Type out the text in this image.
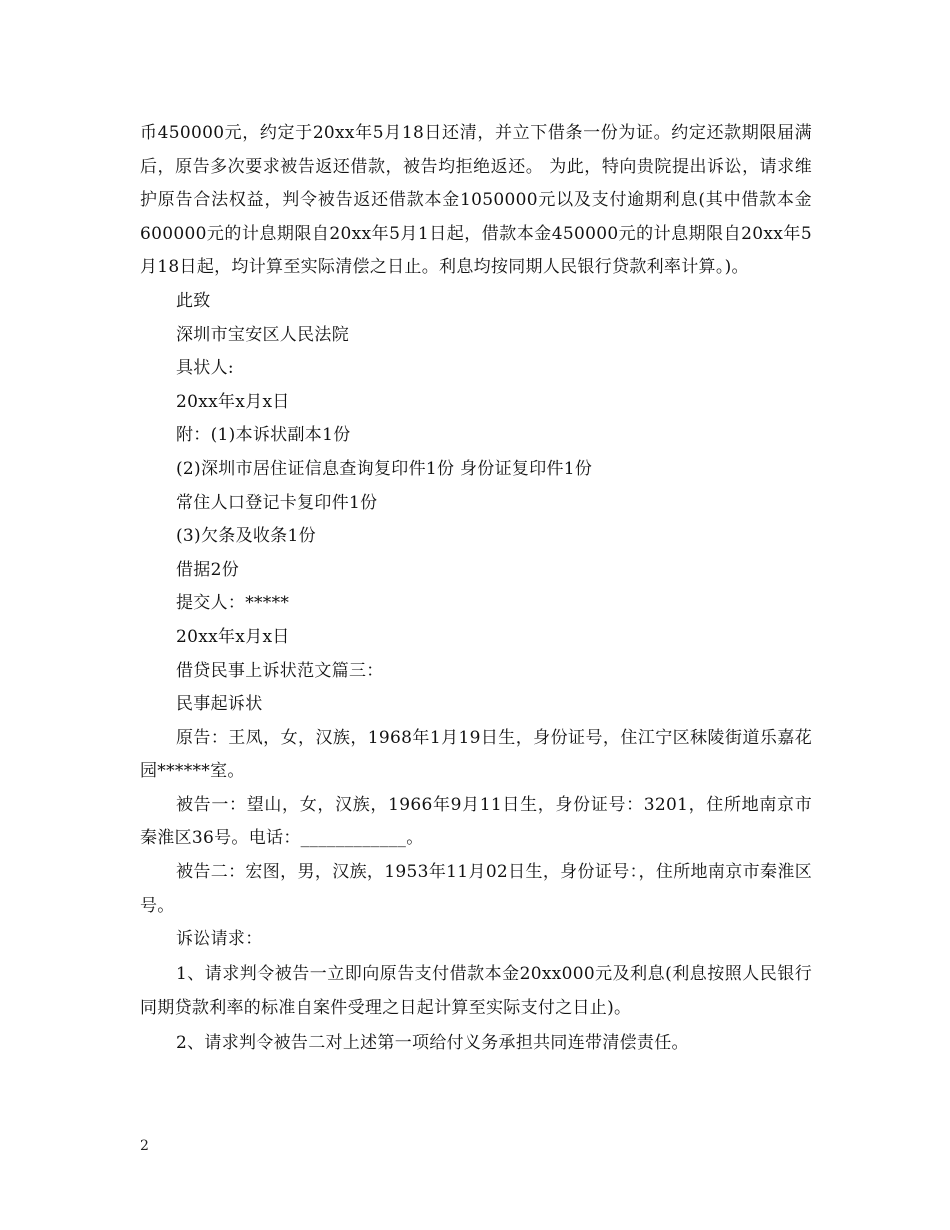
币450000元，约定于20xx年5月18日还清，并立下借条一份为证。约定还款期限届满后，原告多次要求被告返还借款，被告均拒绝返还。 为此，特向贵院提出诉讼，请求维护原告合法权益，判令被告返还借款本金1050000元以及支付逾期利息(其中借款本金600000元的计息期限自20xx年5月1日起，借款本金450000元的计息期限自20xx年5月18日起，均计算至实际清偿之日止。利息均按同期人民银行贷款利率计算。)。

此致

深圳市宝安区人民法院

具状人:

20xx年x月x日

附：(1)本诉状副本1份

(2)深圳市居住证信息查询复印件1份 身份证复印件1份

常住人口登记卡复印件1份

(3)欠条及收条1份

借据2份

提交人：*****

20xx年x月x日

借贷民事上诉状范文篇三：

民事起诉状

原告：王凤，女，汉族，1968年1月19日生，身份证号，住江宁区秣陵街道乐嘉花园******室。

被告一：望山，女，汉族，1966年9月11日生，身份证号：3201，住所地南京市秦淮区36号。电话：____________。

被告二：宏图，男，汉族，1953年11月02日生，身份证号：，住所地南京市秦淮区号。

诉讼请求：

1、请求判令被告一立即向原告支付借款本金20xx000元及利息(利息按照人民银行同期贷款利率的标准自案件受理之日起计算至实际支付之日止)。

2、请求判令被告二对上述第一项给付义务承担共同连带清偿责任。

2
